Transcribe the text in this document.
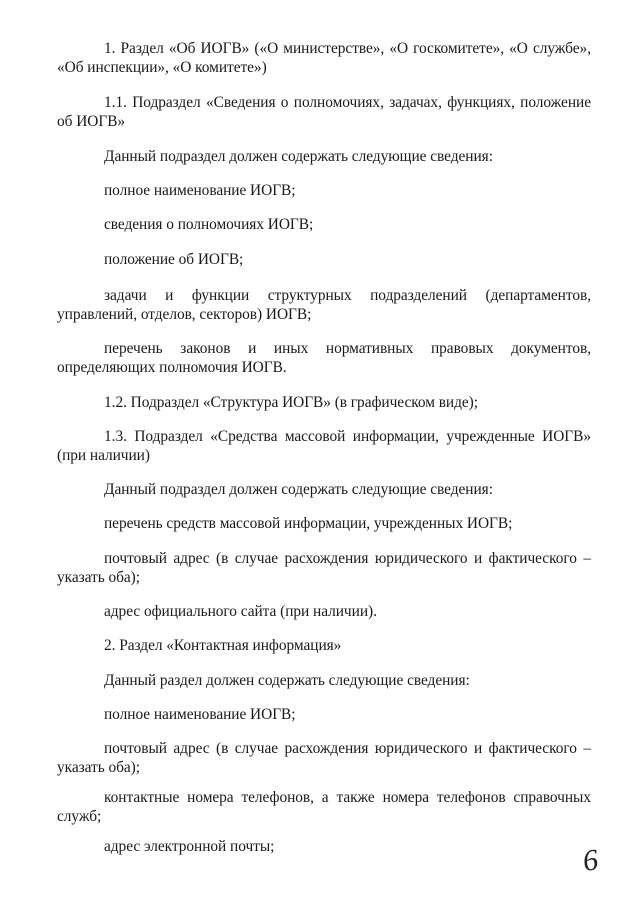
1. Раздел «Об ИОГВ» («О министерстве», «О госкомитете», «О службе», «Об инспекции», «О комитете»)

1.1. Подраздел «Сведения о полномочиях, задачах, функциях, положение об ИОГВ»

Данный подраздел должен содержать следующие сведения:

полное наименование ИОГВ;

сведения о полномочиях ИОГВ;

положение об ИОГВ;

задачи и функции структурных подразделений (департаментов, управлений, отделов, секторов) ИОГВ;

перечень законов и иных нормативных правовых документов, определяющих полномочия ИОГВ.

1.2. Подраздел «Структура ИОГВ» (в графическом виде);

1.3. Подраздел «Средства массовой информации, учрежденные ИОГВ» (при наличии)

Данный подраздел должен содержать следующие сведения:

перечень средств массовой информации, учрежденных ИОГВ;

почтовый адрес (в случае расхождения юридического и фактического – указать оба);

адрес официального сайта (при наличии).

2. Раздел «Контактная информация»

Данный раздел должен содержать следующие сведения:

полное наименование ИОГВ;

почтовый адрес (в случае расхождения юридического и фактического – указать оба);

контактные номера телефонов, а также номера телефонов справочных служб;

адрес электронной почты;	6
